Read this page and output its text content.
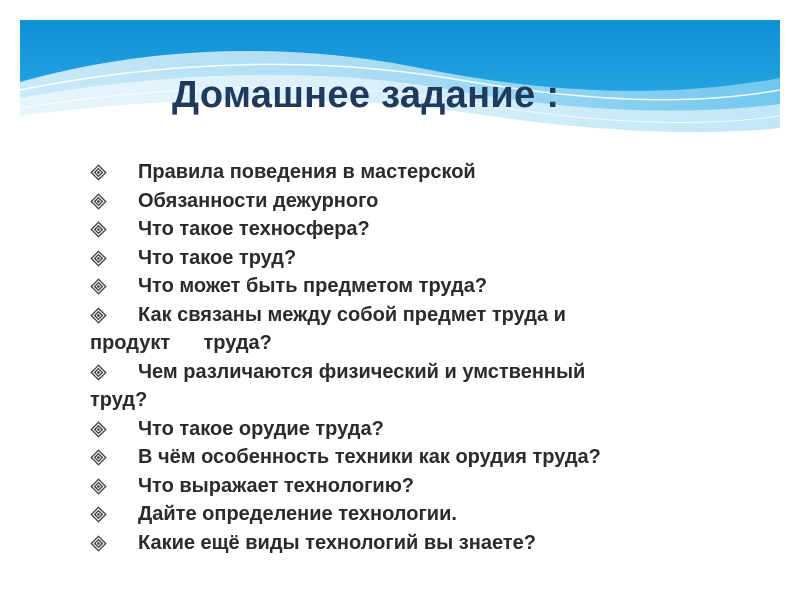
Домашнее задание :
Правила поведения в мастерской
Обязанности дежурного
Что такое техносфера?
Что такое труд?
Что может быть предметом труда?
Как связаны между собой предмет труда и
продукт      труда?
Чем различаются физический и умственный
труд?
Что такое орудие труда?
В чём особенность техники как орудия труда?
Что выражает технологию?
Дайте определение технологии.
Какие ещё виды технологий вы знаете?
